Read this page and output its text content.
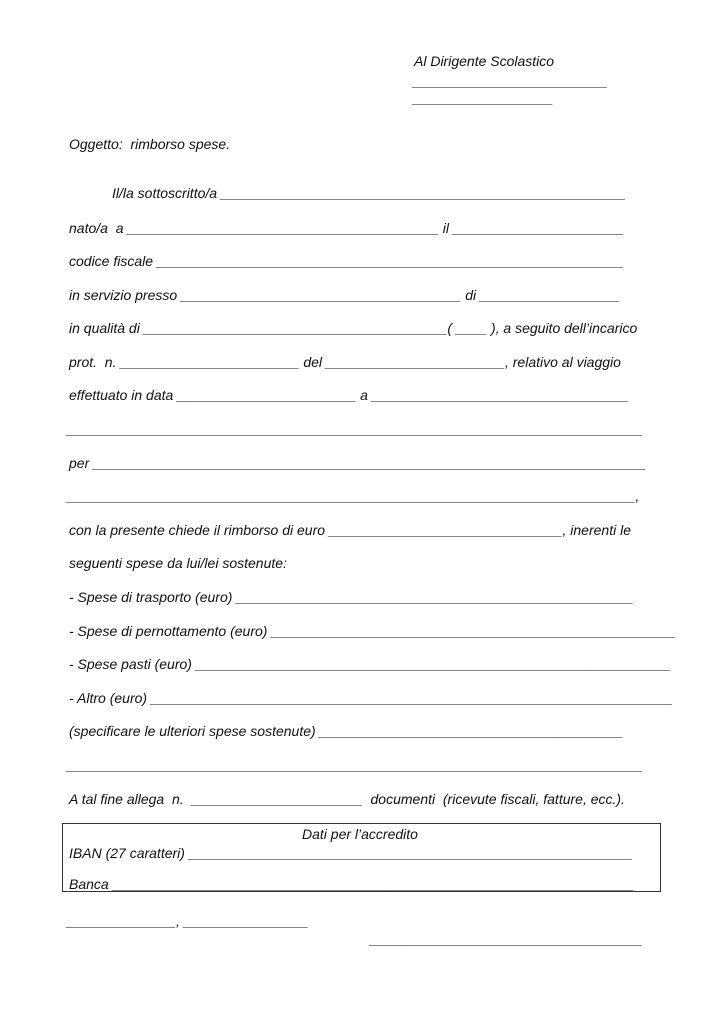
Al Dirigente Scolastico
_________________________
__________________
Oggetto:  rimborso spese.
Il/la sottoscritto/a ____________________________________________________
nato/a  a ________________________________________ il ______________________
codice fiscale ____________________________________________________________
in servizio presso ____________________________________ di __________________
in qualità di _______________________________________( ____ ), a seguito dell’incarico
prot.  n. _______________________ del _______________________, relativo al viaggio
effettuato in data _______________________ a _________________________________
__________________________________________________________________________
per _______________________________________________________________________
_________________________________________________________________________,
con la presente chiede il rimborso di euro ______________________________, inerenti le
seguenti spese da lui/lei sostenute:
- Spese di trasporto (euro) ___________________________________________________
- Spese di pernottamento (euro) ____________________________________________________
- Spese pasti (euro) _____________________________________________________________
- Altro (euro) ___________________________________________________________________
(specificare le ulteriori spese sostenute) _______________________________________
__________________________________________________________________________
A tal fine allega  n.  ______________________  documenti  (ricevute fiscali, fatture, ecc.).
Dati per l’accredito
IBAN (27 caratteri) _________________________________________________________
Banca ___________________________________________________________________
______________, ________________
___________________________________
